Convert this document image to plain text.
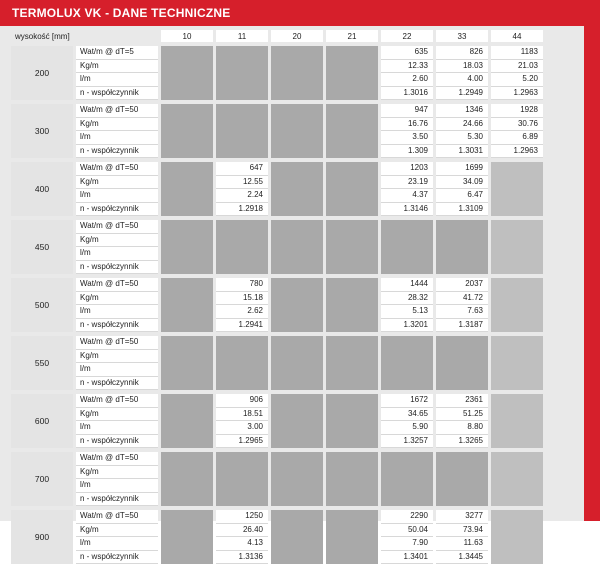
TERMOLUX VK - DANE TECHNICZNE
wysokość [mm]		10	11	20	21	22	33	44

200	Wat/m @ dT=5					635	826	1183
	Kg/m					12.33	18.03	21.03
	l/m					2.60	4.00	5.20
	n - współczynnik					1.3016	1.2949	1.2963

300	Wat/m @ dT=50					947	1346	1928
	Kg/m					16.76	24.66	30.76
	l/m					3.50	5.30	6.89
	n - współczynnik					1.309	1.3031	1.2963

400	Wat/m @ dT=50		647			1203	1699	
	Kg/m		12.55			23.19	34.09	
	l/m		2.24			4.37	6.47	
	n - współczynnik		1.2918			1.3146	1.3109	

450	Wat/m @ dT=50							
	Kg/m							
	l/m							
	n - współczynnik							

500	Wat/m @ dT=50		780			1444	2037	
	Kg/m		15.18			28.32	41.72	
	l/m		2.62			5.13	7.63	
	n - współczynnik		1.2941			1.3201	1.3187	

550	Wat/m @ dT=50							
	Kg/m							
	l/m							
	n - współczynnik							

600	Wat/m @ dT=50		906			1672	2361	
	Kg/m		18.51			34.65	51.25	
	l/m		3.00			5.90	8.80	
	n - współczynnik		1.2965			1.3257	1.3265	

700	Wat/m @ dT=50							
	Kg/m							
	l/m							
	n - współczynnik							

900	Wat/m @ dT=50		1250			2290	3277	
	Kg/m		26.40			50.04	73.94	
	l/m		4.13			7.90	11.63	
	n - współczynnik		1.3136			1.3401	1.3445	
